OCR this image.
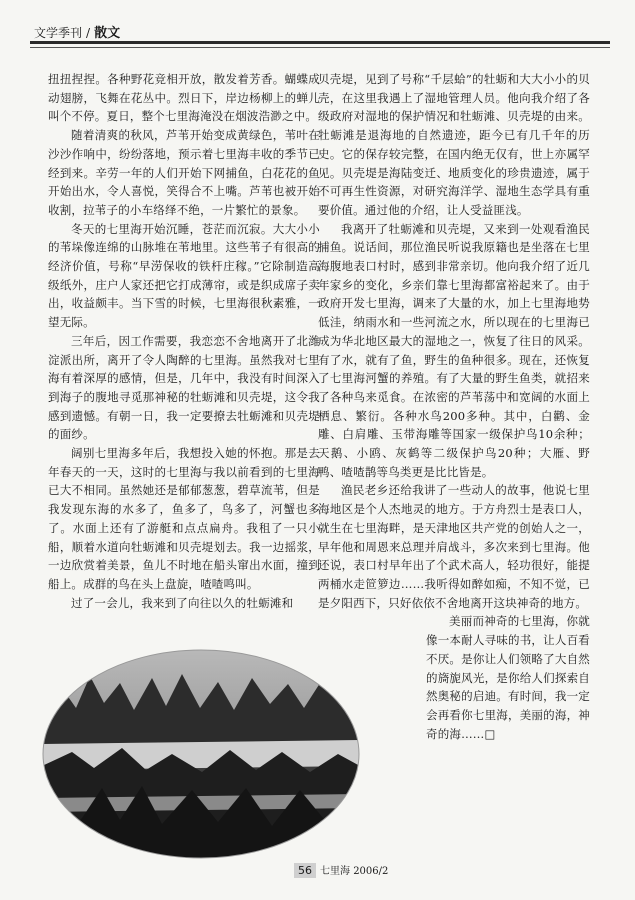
文学季刊 / 散文

扭扭捏捏。各种野花竞相开放，散发着芳香。蝴蝶成动翅膀，飞舞在花丛中。烈日下，岸边杨柳上的蝉儿叫个不停。夏日，整个七里海淹没在烟波浩渺之中。

随着清爽的秋风，芦苇开始变成黄绿色，苇叶在沙沙作响中，纷纷落地，预示着七里海丰收的季节已经到来。辛劳一年的人们开始下网捕鱼，白花花的鱼开始出水，令人喜悦，笑得合不上嘴。芦苇也被开始收割，拉苇子的小车络绎不绝，一片繁忙的景象。

冬天的七里海开始沉睡，苍茫而沉寂。大大小小的苇垛像连绵的山脉堆在苇地里。这些苇子有很高的经济价值，号称“早涝保收的铁杆庄稼。”它除制造高级纸外，庄户人家还把它打成薄帘，或是织成席子卖出，收益颇丰。当下雪的时候，七里海很秋素雅，一望无际。

三年后，因工作需要，我恋恋不舍地离开了北潍淀派出所，离开了令人陶醉的七里海。虽然我对七里海有着深厚的感情，但是，几年中，我没有时间深入到海子的腹地寻觅那神秘的牡蛎滩和贝壳堤，这令我感到遗憾。有朝一日，我一定要撩去牡蛎滩和贝壳堤的面纱。

阔别七里海多年后，我想投入她的怀抱。那是去年春天的一天，这时的七里海与我以前看到的七里海已大不相同。虽然她还是郁郁葱葱，碧草流苇，但是我发现东海的水多了，鱼多了，鸟多了，河蟹也多了。水面上还有了游艇和点点扁舟。我租了一只小船，顺着水道向牡蛎滩和贝壳堤划去。我一边摇浆，一边欣赏着美景，鱼儿不时地在船头窜出水面，撞到船上。成群的鸟在头上盘旋，喳喳鸣叫。

过了一会儿，我来到了向往以久的牡蛎滩和

贝壳堤，见到了号称“千层蛤”的牡蛎和大大小小的贝壳，在这里我遇上了湿地管理人员。他向我介绍了各级政府对湿地的保护情况和牡蛎滩、贝壳堤的由来。牡蛎滩是退海地的自然遗迹，距今已有几千年的历史。它的保存较完整，在国内绝无仅有，世上亦属罕见。贝壳堤是海陆变迁、地质变化的珍贵遗迹，属于不可再生性资源，对研究海洋学、湿地生态学具有重要价值。通过他的介绍，让人受益匪浅。

我离开了牡蛎滩和贝壳堤，又来到一处观看渔民捕鱼。说话间，那位渔民听说我原籍也是坐落在七里海腹地表口村时，感到非常亲切。他向我介绍了近几年家乡的变化，乡亲们靠七里海都富裕起来了。由于政府开发七里海，调来了大量的水，加上七里海地势低洼，纳雨水和一些河流之水，所以现在的七里海已成为华北地区最大的湿地之一，恢复了往日的风采。有了水，就有了鱼，野生的鱼种很多。现在，还恢复了七里海河蟹的养殖。有了大量的野生鱼类，就招来了各种鸟来觅食。在浓密的芦苇荡中和宽阔的水面上栖息、繁衍。各种水鸟200多种。其中，白鹳、金雕、白肩雕、玉带海雕等国家一级保护鸟10余种；天鹅、小鸥、灰鹤等二级保护鸟20种；大雁、野鸭、喳喳鹊等鸟类更是比比皆是。

渔民老乡还给我讲了一些动人的故事，他说七里海地区是个人杰地灵的地方。于方舟烈士是表口人，就生在七里海畔，是天津地区共产党的创始人之一，早年他和周恩来总理并肩战斗，多次来到七里海。他还说，表口村早年出了个武术高人，轻功很好，能提两桶水走笸箩边……我听得如醉如痴，不知不觉，已是夕阳西下，只好依依不舍地离开这块神奇的地方。

美丽而神奇的七里海，你就像一本耐人寻味的书，让人百看不厌。是你让人们领略了大自然的旖旎风光，是你给人们探索自然奥秘的启迪。有时间，我一定会再看你七里海，美丽的海，神奇的海……□

56 七里海 2006/2
